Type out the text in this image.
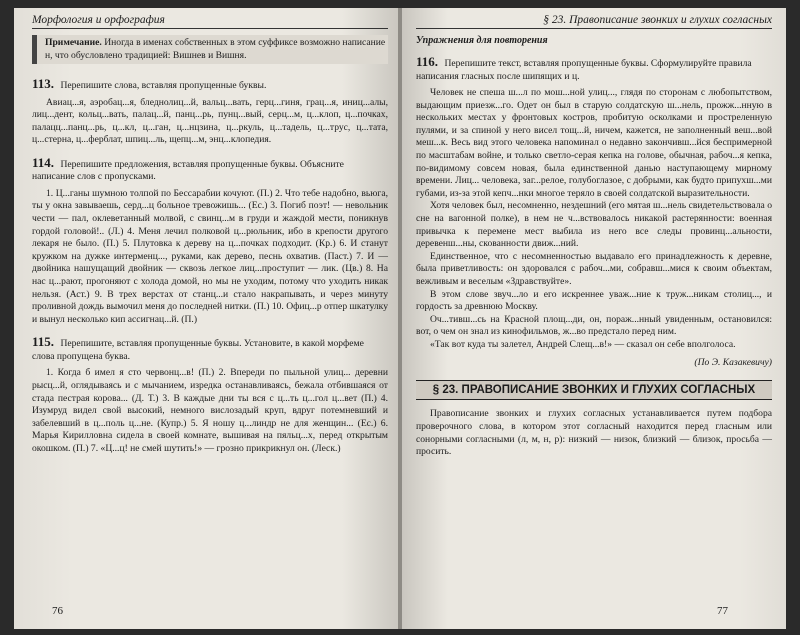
Морфология и орфография
Примечание. Иногда в именах собственных в этом суффиксе возможно написание н, что обусловлено традицией: Вишнев и Вишня.
113. Перепишите слова, вставляя пропущенные буквы.

Авиац...я, аэробац...я, бледнолиц...й, вальц...вать, герц...гиня, грац...я, иниц...алы, лиц...дент, кольц...вать, палац...й, панц...рь, пунц...вый, серц...м, ц...клоп, ц...почках, палацц...панц...рь, ц...кл, ц...ган, ц...нцзина, ц...ркуль, ц...тадель, ц...трус, ц...тата, ц...стерна, ц...ферблат, шпиц...ль, щепц...м, энц...клопедия.

114. Перепишите предложения, вставляя пропущенные буквы. Объясните написание слов с пропусками.

1. Ц...ганы шумною толпой по Бессарабии кочуют. (П.) 2. Что тебе надобно, вьюга, ты у окна завываешь, серд...ц больное тревожишь... (Ес.) 3. Погиб поэт! — невольник чести — пал, оклеветанный молвой, с свинц...м в груди и жаждой мести, поникнув гордой головой!.. (Л.) 4. Меня лечил полковой ц...рюльник, ибо в крепости другого лекаря не было. (П.) 5. Плутовка к дереву на ц...почках подходит. (Кр.) 6. И станут кружком на дужке интерменц..., руками, как дерево, песнь охватив. (Паст.) 7. И — двойника нашущащий двойник — сквозь легкое лиц...проступит — лик. (Цв.) 8. На нас ц...рают, прогоняют с холода домой, но мы не уходим, потому что уходить никак нельзя. (Аст.) 9. В трех верстах от станц...и стало накрапывать, и через минуту проливной дождь вымочил меня до последней нитки. (П.) 10. Офиц...р отпер шкатулку и вынул несколько кип ассигнац...й. (П.)

115. Перепишите, вставляя пропущенные буквы. Установите, в какой морфеме слова пропущена буква.

1. Когда б имел я сто червонц...в! (П.) 2. Впереди по пыльной улиц... деревни рысц...й, оглядываясь и с мычанием, изредка останавливаясь, бежала отбившаяся от стада пестрая корова... (Д. Т.) 3. В каждые дни ты вся с ц...ть ц...гол ц...вет (П.) 4. Изумруд видел свой высокий, немного вислозадый круп, вдруг потемневший и забелевший в ц...поль ц...не. (Купр.) 5. Я ношу ц...линдр не для женщин... (Ес.) 6. Марья Кирилловна сидела в своей комнате, вышивая на пяльц...х, перед открытым окошком. (П.) 7. «Ц...ц! не смей шутить!» — грозно прикрикнул он. (Леск.)

76
§ 23. Правописание звонких и глухих согласных
Упражнения для повторения
116. Перепишите текст, вставляя пропущенные буквы. Сформулируйте правила написания гласных после шипящих и ц.

Человек не спеша ш...л по мош...ной улиц..., глядя по сторонам с любопытством, выдающим приезж...го. Одет он был в старую солдатскую ш...нель, прожж...нную в нескольких местах у фронтовых костров, пробитую осколками и простреленную пулями, и за спиной у него висел тощ...й, ничем, кажется, не заполненный веш...вой меш...к. Весь вид этого человека напоминал о недавно закончивш...йся беспримерной по масштабам войне, и только светло-серая кепка на голове, обычная, рабоч...я кепка, по-видимому совсем новая, была единственной данью наступающему мирному времени. Лиц... человека, заг...релое, голубоглазое, с добрыми, как будто припухш...ми губами, из-за этой кепч...нки многое теряло в своей солдатской выразительности.

Хотя человек был, несомненно, нездешний (его мятая ш...нель свидетельствовала о сне на вагонной полке), в нем не ч...вствовалось никакой растерянности: военная привычка к перемене мест выбила из него все следы провинц...альности, деревенш...ны, скованности движ...ний.

Единственное, что с несомненностью выдавало его принадлежность к деревне, была приветливость: он здоровался с рабоч...ми, собравш...мися к своим объектам, вежливым и веселым «Здравствуйте».

В этом слове звуч...ло и его искреннее уваж...ние к труж...никам столиц..., и гордость за древнюю Москву.

Оч...тивш...сь на Красной площ...ди, он, пораж...нный увиденным, остановился: вот, о чем он знал из кинофильмов, ж...во предстало перед ним.

«Так вот куда ты залетел, Андрей Слещ...в!» — сказал он себе вполголоса.

(По Э. Казакевичу)
§ 23. ПРАВОПИСАНИЕ ЗВОНКИХ И ГЛУХИХ СОГЛАСНЫХ

Правописание звонких и глухих согласных устанавливается путем подбора проверочного слова, в котором этот согласный находится перед гласным или сонорными согласными (л, м, н, р): низкий — низок, близкий — близок, просьба — просить.

77
